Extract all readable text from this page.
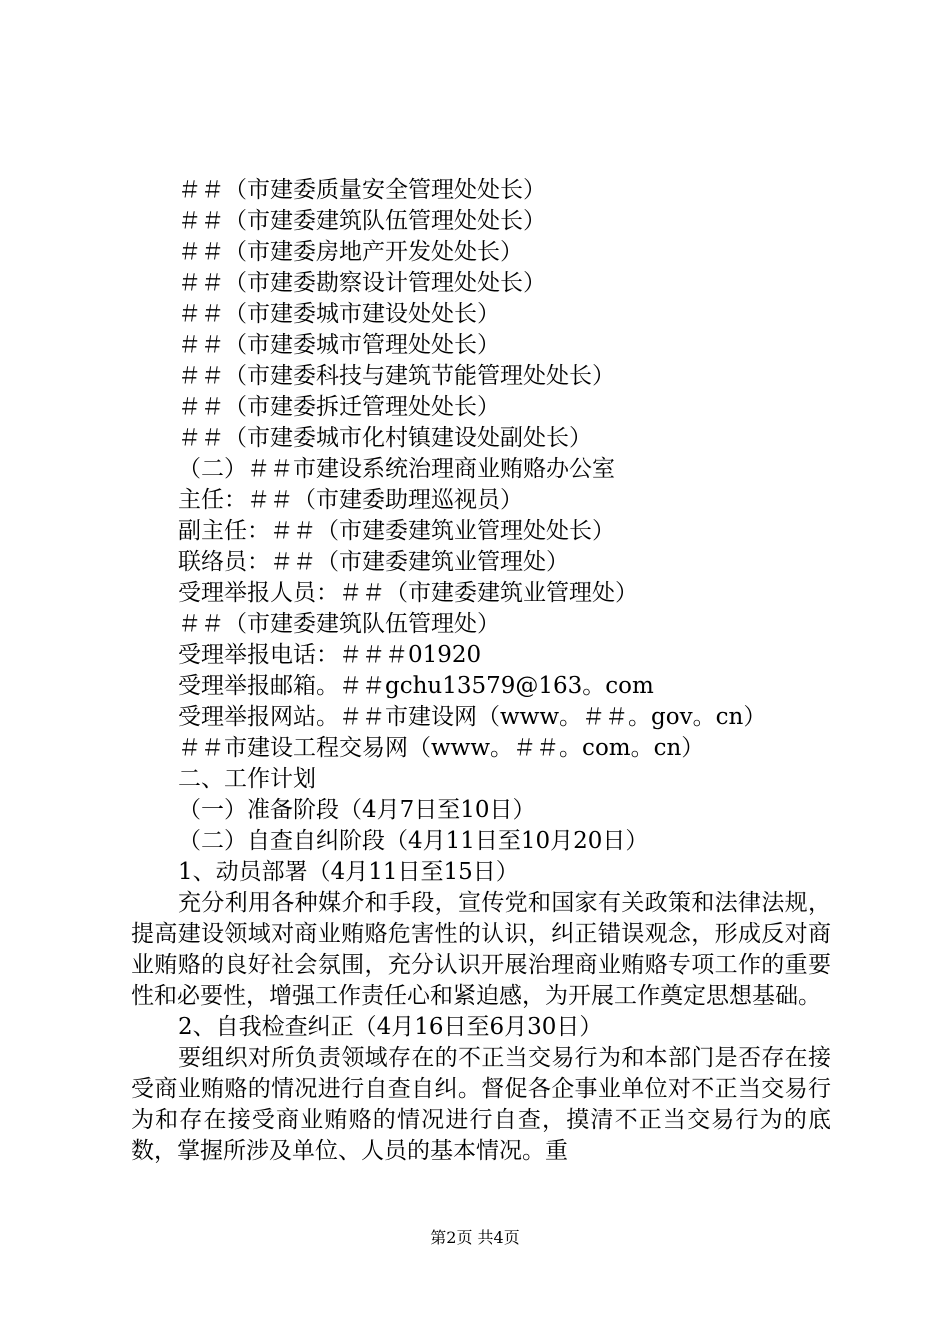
＃＃（市建委质量安全管理处处长）
＃＃（市建委建筑队伍管理处处长）
＃＃（市建委房地产开发处处长）
＃＃（市建委勘察设计管理处处长）
＃＃（市建委城市建设处处长）
＃＃（市建委城市管理处处长）
＃＃（市建委科技与建筑节能管理处处长）
＃＃（市建委拆迁管理处处长）
＃＃（市建委城市化村镇建设处副处长）
（二）＃＃市建设系统治理商业贿赂办公室
主任：＃＃（市建委助理巡视员）
副主任：＃＃（市建委建筑业管理处处长）
联络员：＃＃（市建委建筑业管理处）
受理举报人员：＃＃（市建委建筑业管理处）
＃＃（市建委建筑队伍管理处）
受理举报电话：＃＃＃01920
受理举报邮箱。＃＃gchu13579@163。com
受理举报网站。＃＃市建设网（www。＃＃。gov。cn）
＃＃市建设工程交易网（www。＃＃。com。cn）
二、工作计划
（一）准备阶段（4月7日至10日）
（二）自查自纠阶段（4月11日至10月20日）
1、动员部署（4月11日至15日）

充分利用各种媒介和手段，宣传党和国家有关政策和法律法规，提高建设领域对商业贿赂危害性的认识，纠正错误观念，形成反对商业贿赂的良好社会氛围，充分认识开展治理商业贿赂专项工作的重要性和必要性，增强工作责任心和紧迫感，为开展工作奠定思想基础。

2、自我检查纠正（4月16日至6月30日）

要组织对所负责领域存在的不正当交易行为和本部门是否存在接受商业贿赂的情况进行自查自纠。督促各企事业单位对不正当交易行为和存在接受商业贿赂的情况进行自查，摸清不正当交易行为的底数，掌握所涉及单位、人员的基本情况。重

第2页 共4页
